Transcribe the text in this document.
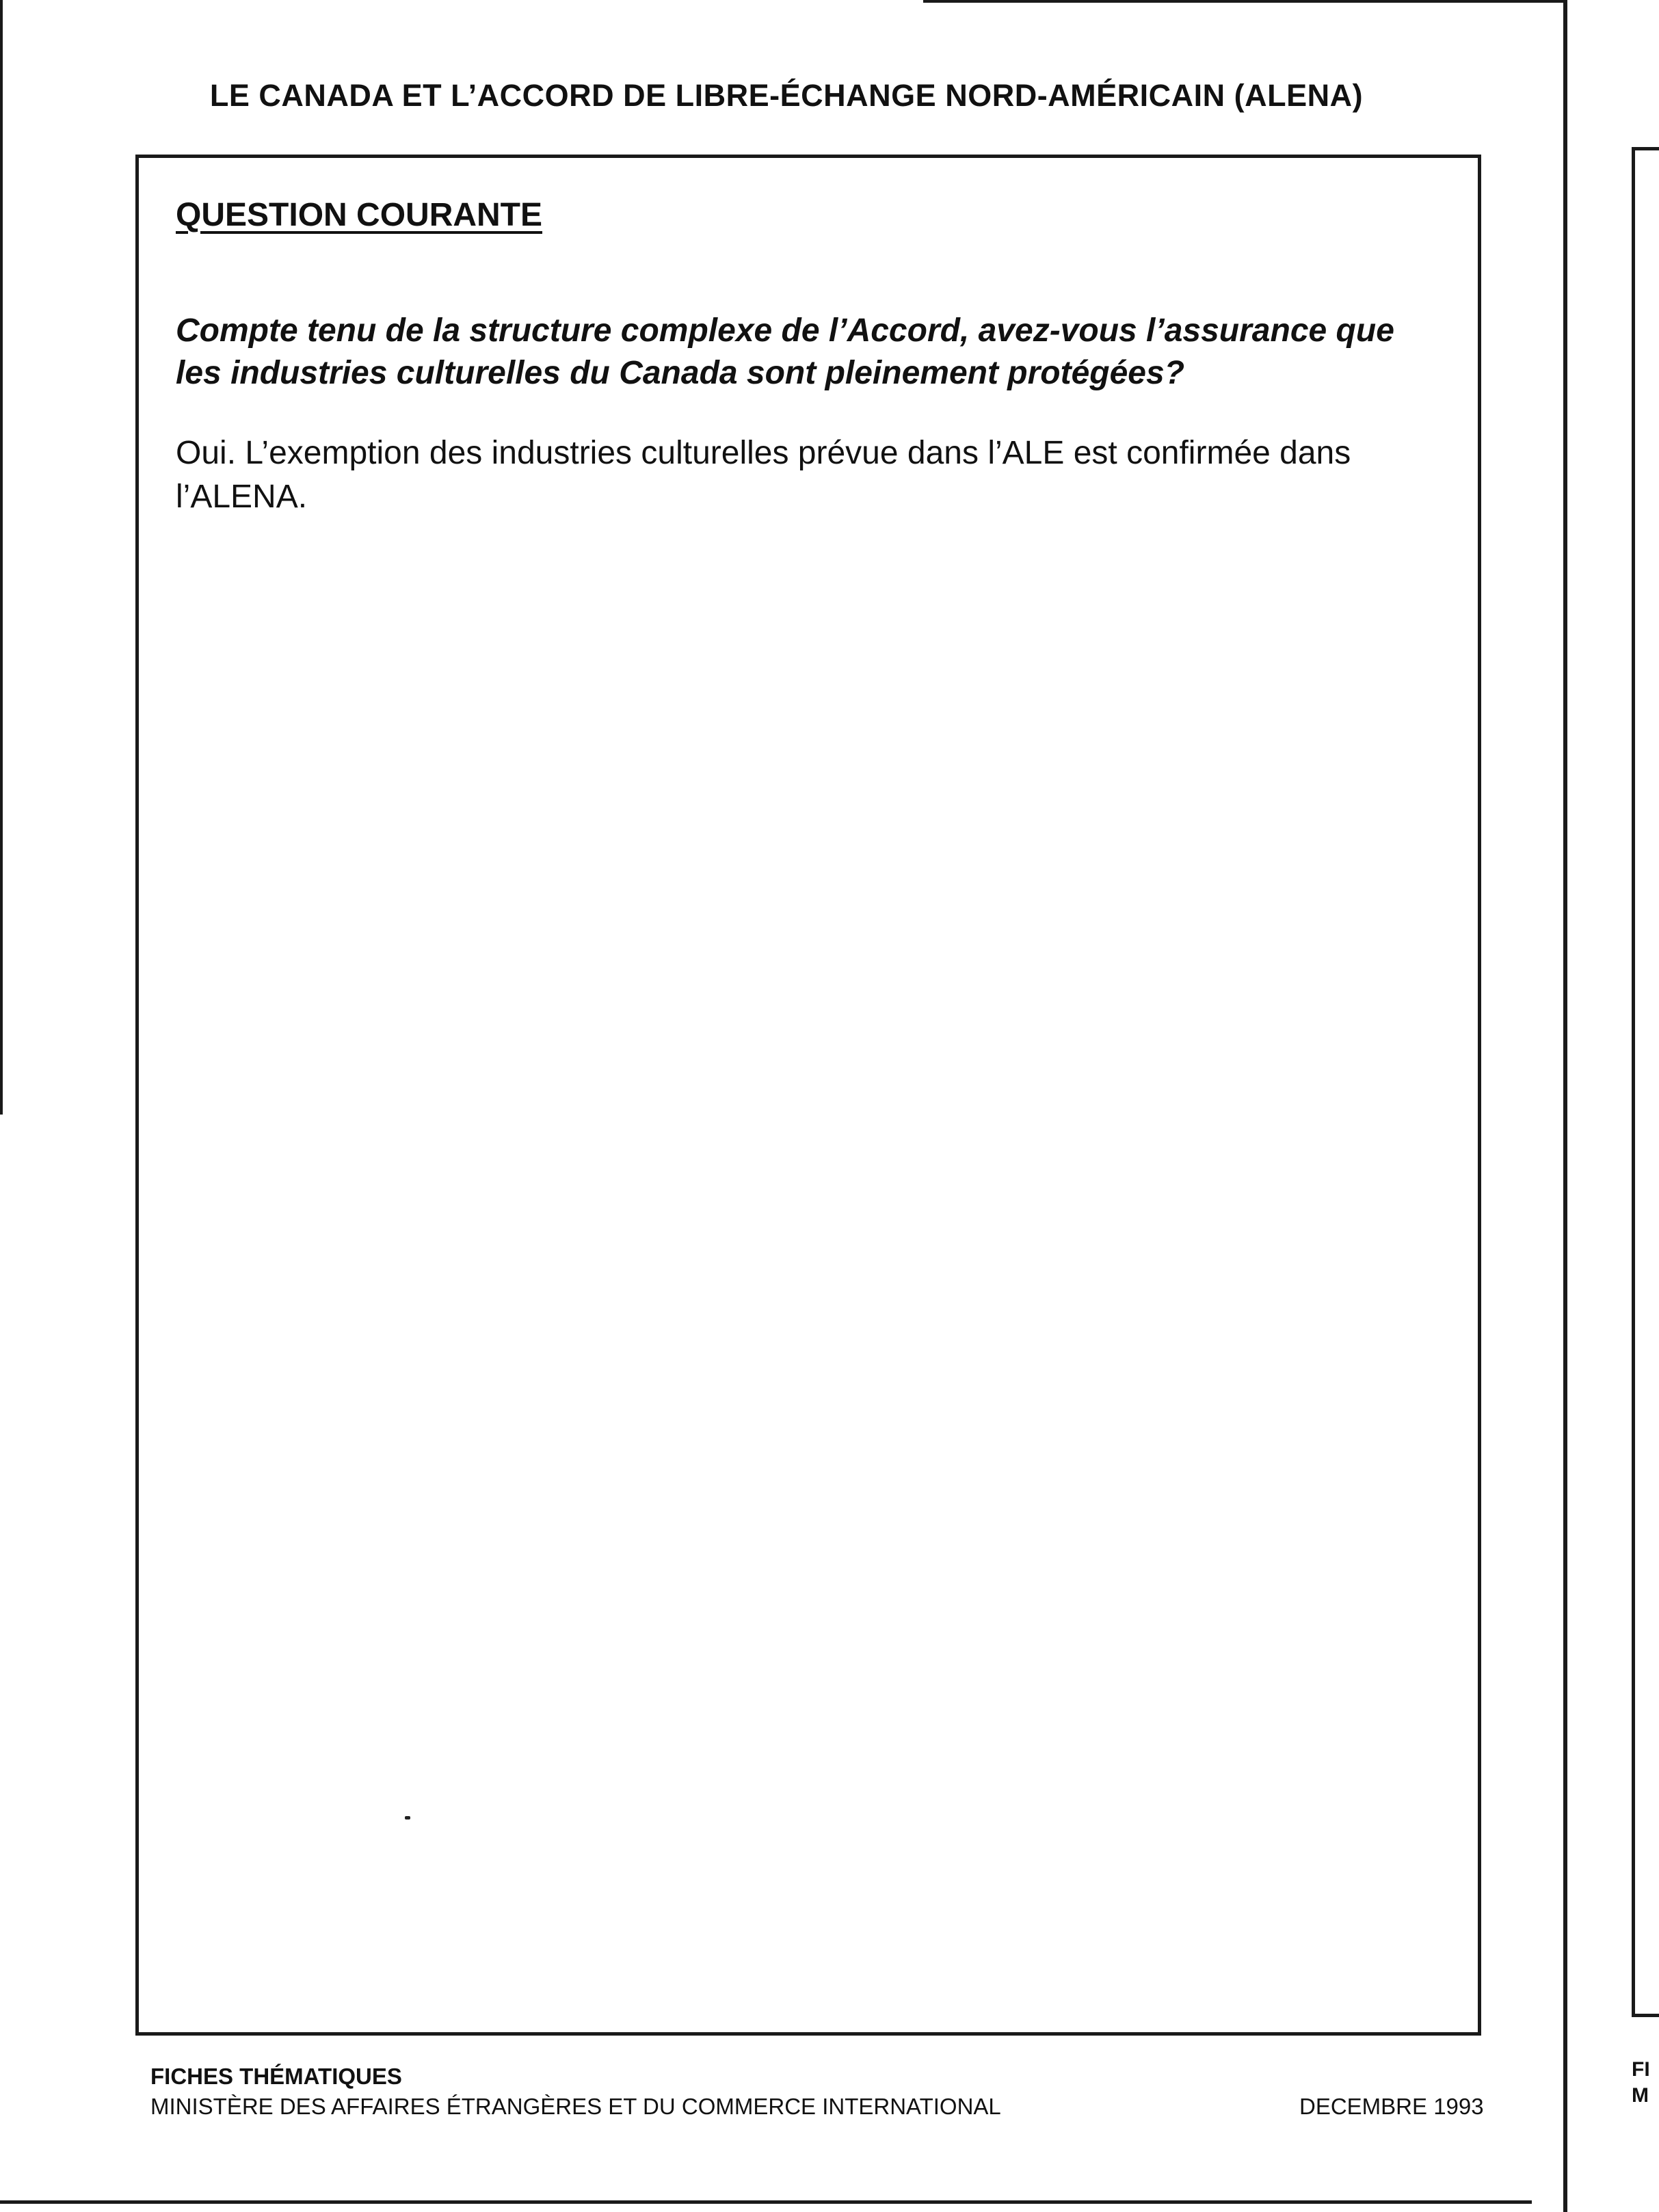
FI
M
LE CANADA ET L’ACCORD DE LIBRE-ÉCHANGE NORD-AMÉRICAIN (ALENA)
QUESTION COURANTE
Compte tenu de la structure complexe de l’Accord, avez-vous l’assurance que les industries culturelles du Canada sont pleinement protégées?
Oui. L’exemption des industries culturelles prévue dans l’ALE est confirmée dans l’ALENA.
FICHES THÉMATIQUES
MINISTÈRE DES AFFAIRES ÉTRANGÈRES ET DU COMMERCE INTERNATIONAL	DECEMBRE 1993
